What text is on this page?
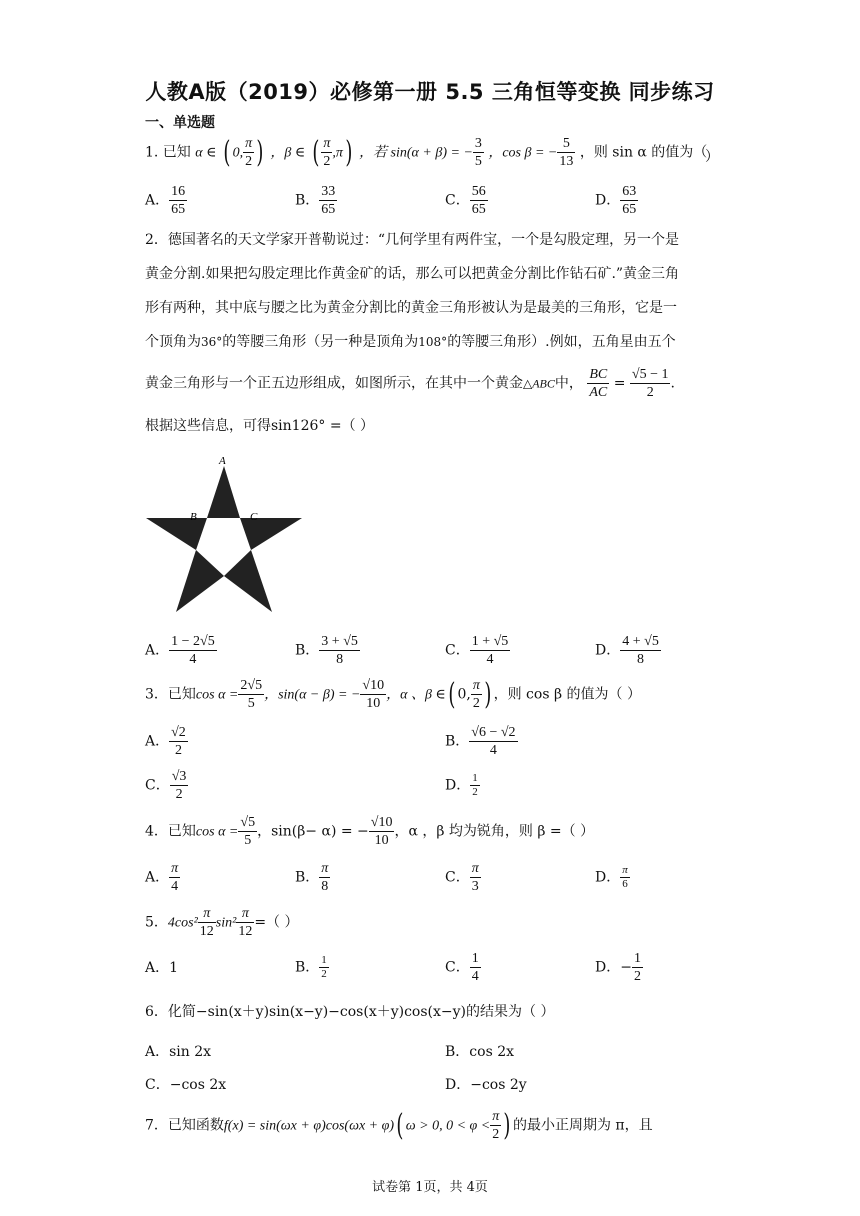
人教A版（2019）必修第一册 5.5 三角恒等变换 同步练习
一、单选题
1. 已知 α ∈ ( 0, $\frac{\pi}{2}$ ) ，β ∈ ( $\frac{\pi}{2} ,\pi$) ，若 sin(α + β) = − $\frac{3}{5}$ ，cos β = − $\frac{5}{13}$ ，则 sin α 的值为（
）
A． $\frac{16}{65}$	B． $\frac{33}{65}$	C． $\frac{56}{65}$	D． $\frac{63}{65}$
2．德国著名的天文学家开普勒说过：“几何学里有两件宝，一个是勾股定理，另一个是
黄金分割.如果把勾股定理比作黄金矿的话，那么可以把黄金分割比作钻石矿.”黄金三角
形有两种，其中底与腰之比为黄金分割比的黄金三角形被认为是最美的三角形，它是一
个顶角为36°的等腰三角形（另一种是顶角为108°的等腰三角形）.例如，五角星由五个
黄金三角形与一个正五边形组成，如图所示，在其中一个黄金△ABC中， $\frac{BC}{AC} = \frac{√5 - 1}{2}$ .
根据这些信息，可得sin126° =（ ）
A
B	C
A． $\frac{1 - 2√5}{4}$	B． $\frac{3 + √5}{8}$	C． $\frac{1 + √5}{4}$	D． $\frac{4 + √5}{8}$
3．已知$\cos \alpha = \frac{2√5}{5}$ ，sin(α − β) = − $\frac{√10}{10}$ ，α 、β ∈( 0, $\frac{\pi}{2}$ ) ，则 cos β 的值为（ ）
A． $\frac{√2}{2}$	B． $\frac{√6 - √2}{4}$
C． $\frac{√3}{2}$	D． $\frac{1}{2}$
4．已知$\cos \alpha = \frac{√5}{5}$ ，sin(β− α) = − $\frac{√10}{10}$ ，α ，β 均为锐角，则 β =（ ）
A． $\frac{\pi}{4}$	B． $\frac{\pi}{8}$	C． $\frac{\pi}{3}$	D． $\frac{\pi}{6}$
5．$4\cos^2 \frac{\pi}{12} \sin^2 \frac{\pi}{12}$ =（ ）
A．1	B． $\frac{1}{2}$	C． $\frac{1}{4}$	D．− $\frac{1}{2}$
6．化简−sin(x＋y)sin(x−y)−cos(x＋y)cos(x−y)的结果为（ ）
A．sin 2x	B．cos 2x
C．−cos 2x	D．−cos 2y
7．已知函数f(x) = sin(ωx + φ)cos(ωx + φ)( ω > 0, $0 < \varphi < \frac{\pi}{2}$ ) 的最小正周期为 π，且
试卷第 1页，共 4页
